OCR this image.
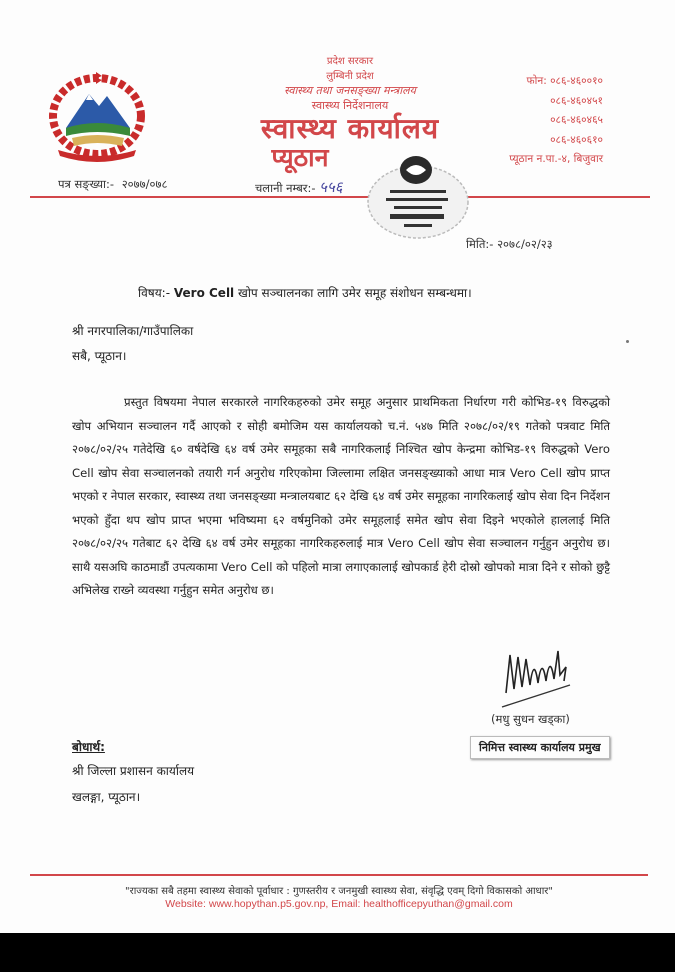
प्रदेश सरकार
लुम्बिनी प्रदेश
स्वास्थ्य तथा जनसङ्ख्या मन्त्रालय
स्वास्थ्य निर्देशनालय
स्वास्थ्य कार्यालय
प्यूठान
फोन: ०८६-४६००१०
०८६-४६०४५१
०८६-४६०४६५
०८६-४६०६१०
प्यूठान न.पा.-४, बिजुवार
पत्र सङ्ख्या:- २०७७/०७८	चलानी नम्बर:- ५५६
मिति:- २०७८/०२/२३
विषय:- Vero Cell खोप सञ्चालनका लागि उमेर समूह संशोधन सम्बन्धमा।
श्री नगरपालिका/गाउँपालिका
सबै, प्यूठान।

प्रस्तुत विषयमा नेपाल सरकारले नागरिकहरुको उमेर समूह अनुसार प्राथमिकता निर्धारण गरी कोभिड-१९ विरुद्धको खोप अभियान सञ्चालन गर्दै आएको र सोही बमोजिम यस कार्यालयको च.नं. ५४७ मिति २०७८/०२/१९ गतेको पत्रवाट मिति २०७८/०२/२५ गतेदेखि ६० वर्षदेखि ६४ वर्ष उमेर समूहका सबै नागरिकलाई निश्चित खोप केन्द्रमा कोभिड-१९ विरुद्धको Vero Cell खोप सेवा सञ्चालनको तयारी गर्न अनुरोध गरिएकोमा जिल्लामा लक्षित जनसङ्ख्याको आधा मात्र Vero Cell खोप प्राप्त भएको र नेपाल सरकार, स्वास्थ्य तथा जनसङ्ख्या मन्त्रालयबाट ६२ देखि ६४ वर्ष उमेर समूहका नागरिकलाई खोप सेवा दिन निर्देशन भएको हुँदा थप खोप प्राप्त भएमा भविष्यमा ६२ वर्षमुनिको उमेर समूहलाई समेत खोप सेवा दिइने भएकोले हाललाई मिति २०७८/०२/२५ गतेबाट ६२ देखि ६४ वर्ष उमेर समूहका नागरिकहरुलाई मात्र Vero Cell खोप सेवा सञ्चालन गर्नुहुन अनुरोध छ। साथै यसअघि काठमाडौं उपत्यकामा Vero Cell को पहिलो मात्रा लगाएकालाई खोपकार्ड हेरी दोस्रो खोपको मात्रा दिने र सोको छुट्टै अभिलेख राख्ने व्यवस्था गर्नुहुन समेत अनुरोध छ।

(मधु सुधन खड्का)
निमित्त स्वास्थ्य कार्यालय प्रमुख
बोधार्थ:
श्री जिल्ला प्रशासन कार्यालय
खलङ्गा, प्यूठान।
"राज्यका सबै तहमा स्वास्थ्य सेवाको पूर्वाधार : गुणस्तरीय र जनमुखी स्वास्थ्य सेवा, संवृद्धि एवम् दिगो विकासको आधार"
Website: www.hopythan.p5.gov.np, Email: healthofficepyuthan@gmail.com
